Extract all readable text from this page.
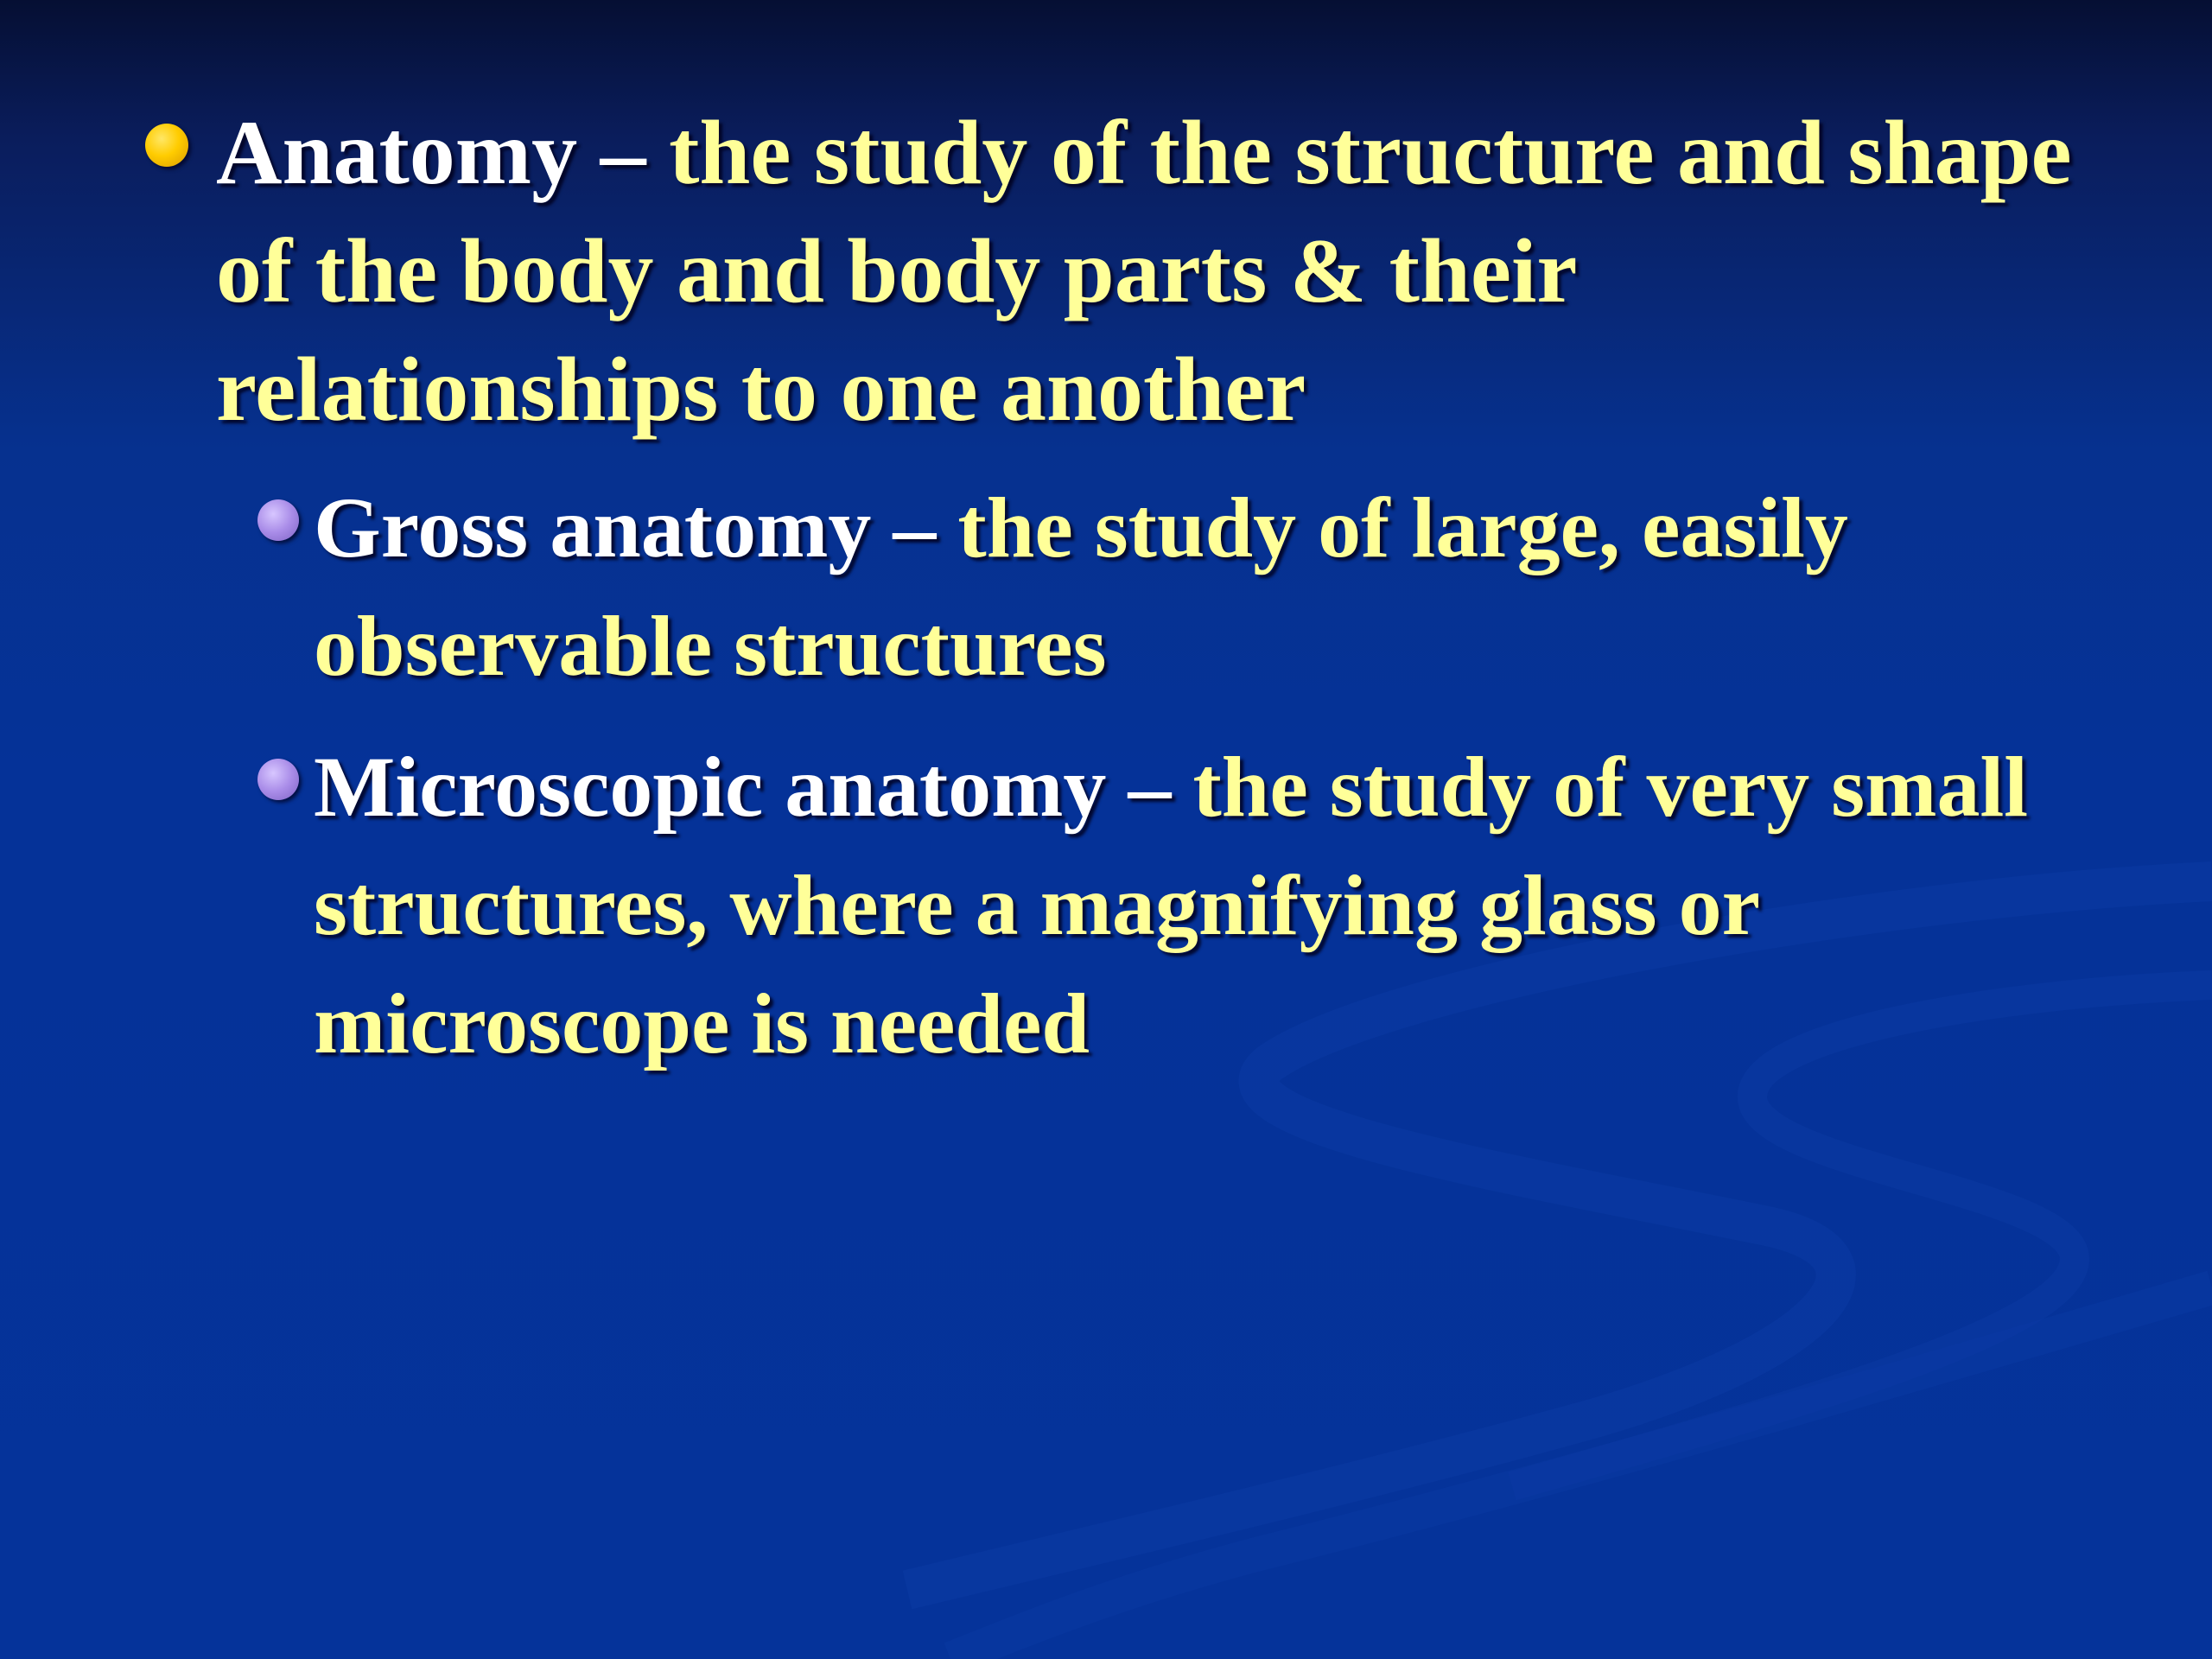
Anatomy – the study of the structure and shape of the body and body parts & their relationships to one another
Gross anatomy – the study of large, easily observable structures
Microscopic anatomy – the study of very small structures, where a magnifying glass or microscope is needed
